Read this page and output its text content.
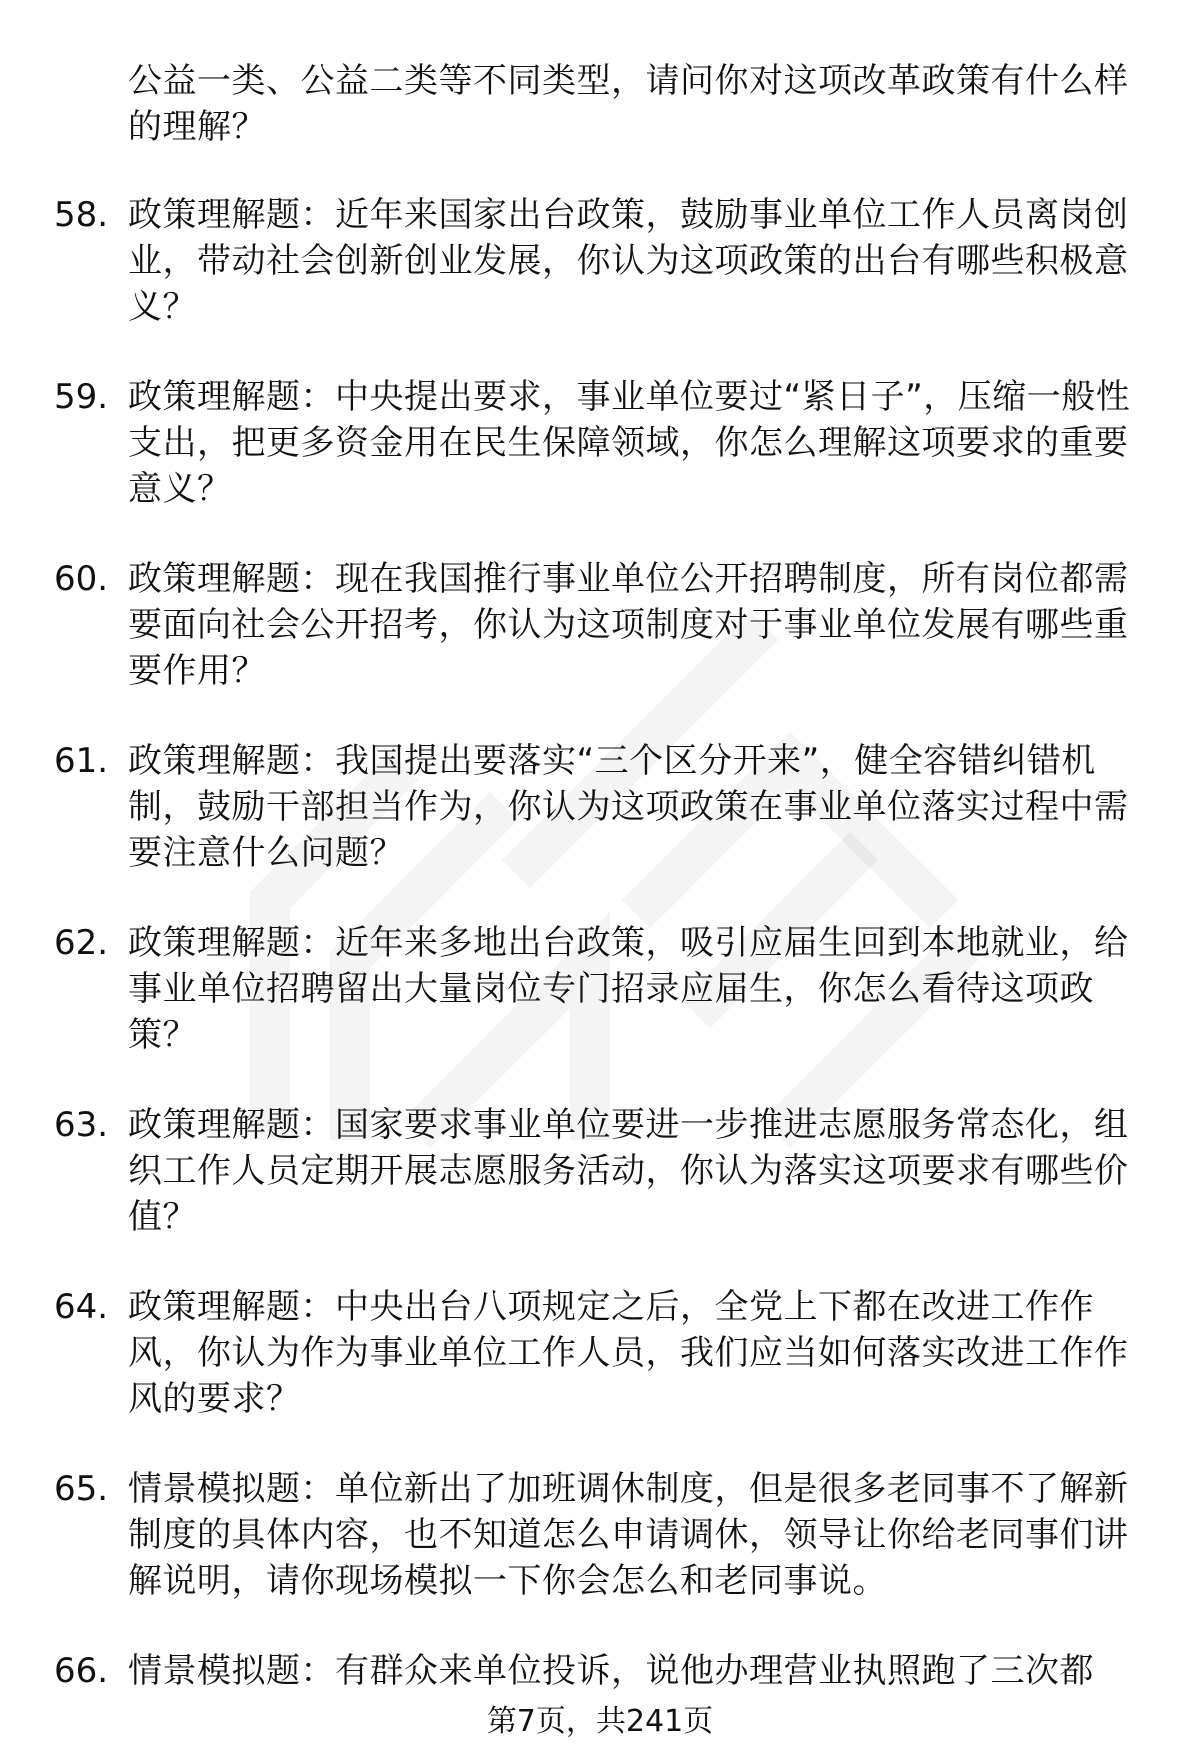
公益一类、公益二类等不同类型，请问你对这项改革政策有什么样的理解？

58. 政策理解题：近年来国家出台政策，鼓励事业单位工作人员离岗创业，带动社会创新创业发展，你认为这项政策的出台有哪些积极意义？

59. 政策理解题：中央提出要求，事业单位要过“紧日子”，压缩一般性支出，把更多资金用在民生保障领域，你怎么理解这项要求的重要意义？

60. 政策理解题：现在我国推行事业单位公开招聘制度，所有岗位都需要面向社会公开招考，你认为这项制度对于事业单位发展有哪些重要作用？

61. 政策理解题：我国提出要落实“三个区分开来”，健全容错纠错机制，鼓励干部担当作为，你认为这项政策在事业单位落实过程中需要注意什么问题？

62. 政策理解题：近年来多地出台政策，吸引应届生回到本地就业，给事业单位招聘留出大量岗位专门招录应届生，你怎么看待这项政策？

63. 政策理解题：国家要求事业单位要进一步推进志愿服务常态化，组织工作人员定期开展志愿服务活动，你认为落实这项要求有哪些价值？

64. 政策理解题：中央出台八项规定之后，全党上下都在改进工作作风，你认为作为事业单位工作人员，我们应当如何落实改进工作作风的要求？

65. 情景模拟题：单位新出了加班调休制度，但是很多老同事不了解新制度的具体内容，也不知道怎么申请调休，领导让你给老同事们讲解说明，请你现场模拟一下你会怎么和老同事说。

66. 情景模拟题：有群众来单位投诉，说他办理营业执照跑了三次都

第7页，共241页
